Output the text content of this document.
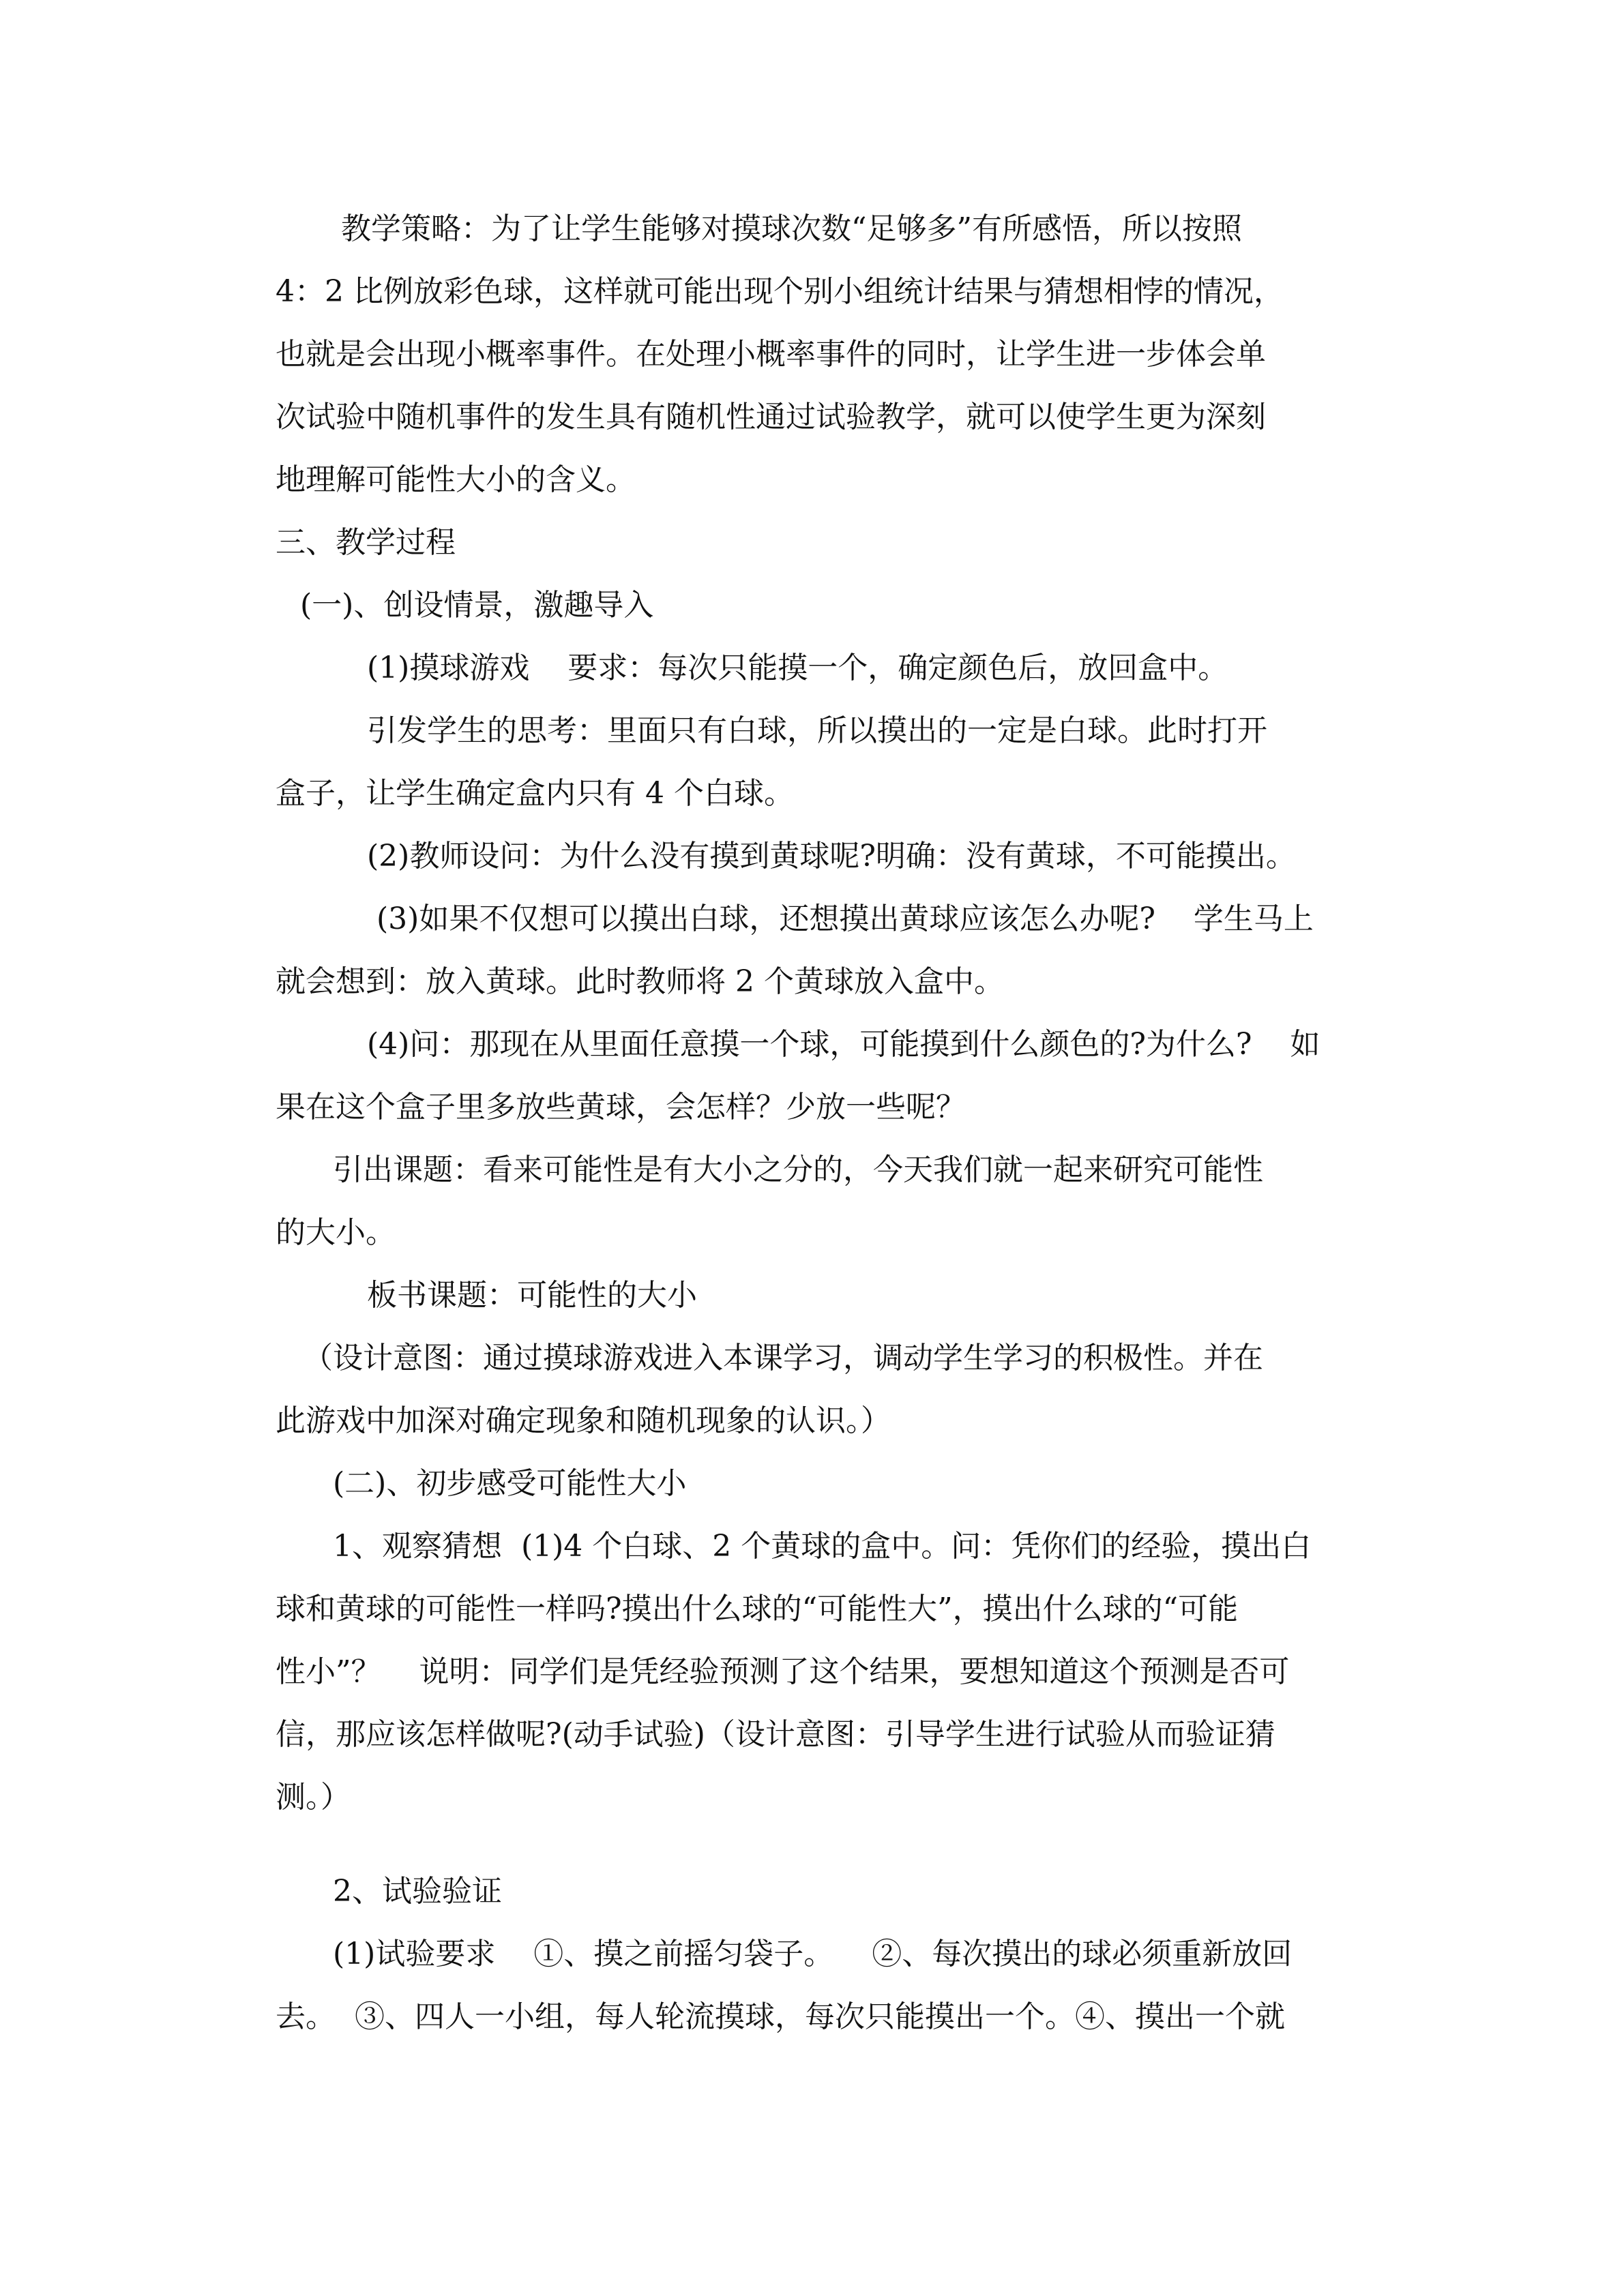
教学策略：为了让学生能够对摸球次数“足够多”有所感悟，所以按照
4：2 比例放彩色球，这样就可能出现个别小组统计结果与猜想相悖的情况，
也就是会出现小概率事件。在处理小概率事件的同时，让学生进一步体会单
次试验中随机事件的发生具有随机性通过试验教学，就可以使学生更为深刻
地理解可能性大小的含义。
三、教学过程
(一)、创设情景，激趣导入
(1)摸球游戏    要求：每次只能摸一个，确定颜色后，放回盒中。
引发学生的思考：里面只有白球，所以摸出的一定是白球。此时打开
盒子，让学生确定盒内只有 4 个白球。
(2)教师设问：为什么没有摸到黄球呢?明确：没有黄球，不可能摸出。
(3)如果不仅想可以摸出白球，还想摸出黄球应该怎么办呢?    学生马上
就会想到：放入黄球。此时教师将 2 个黄球放入盒中。
(4)问：那现在从里面任意摸一个球，可能摸到什么颜色的?为什么?    如
果在这个盒子里多放些黄球，会怎样？少放一些呢？
引出课题：看来可能性是有大小之分的，今天我们就一起来研究可能性
的大小。
板书课题：可能性的大小
（设计意图：通过摸球游戏进入本课学习，调动学生学习的积极性。并在
此游戏中加深对确定现象和随机现象的认识。）
(二)、初步感受可能性大小
1、观察猜想  (1)4 个白球、2 个黄球的盒中。问：凭你们的经验，摸出白
球和黄球的可能性一样吗?摸出什么球的“可能性大”，摸出什么球的“可能
性小”？    说明：同学们是凭经验预测了这个结果，要想知道这个预测是否可
信，那应该怎样做呢?(动手试验)（设计意图：引导学生进行试验从而验证猜
测。）
2、试验验证
(1)试验要求    ①、摸之前摇匀袋子。    ②、每次摸出的球必须重新放回
去。  ③、四人一小组，每人轮流摸球，每次只能摸出一个。④、摸出一个就
